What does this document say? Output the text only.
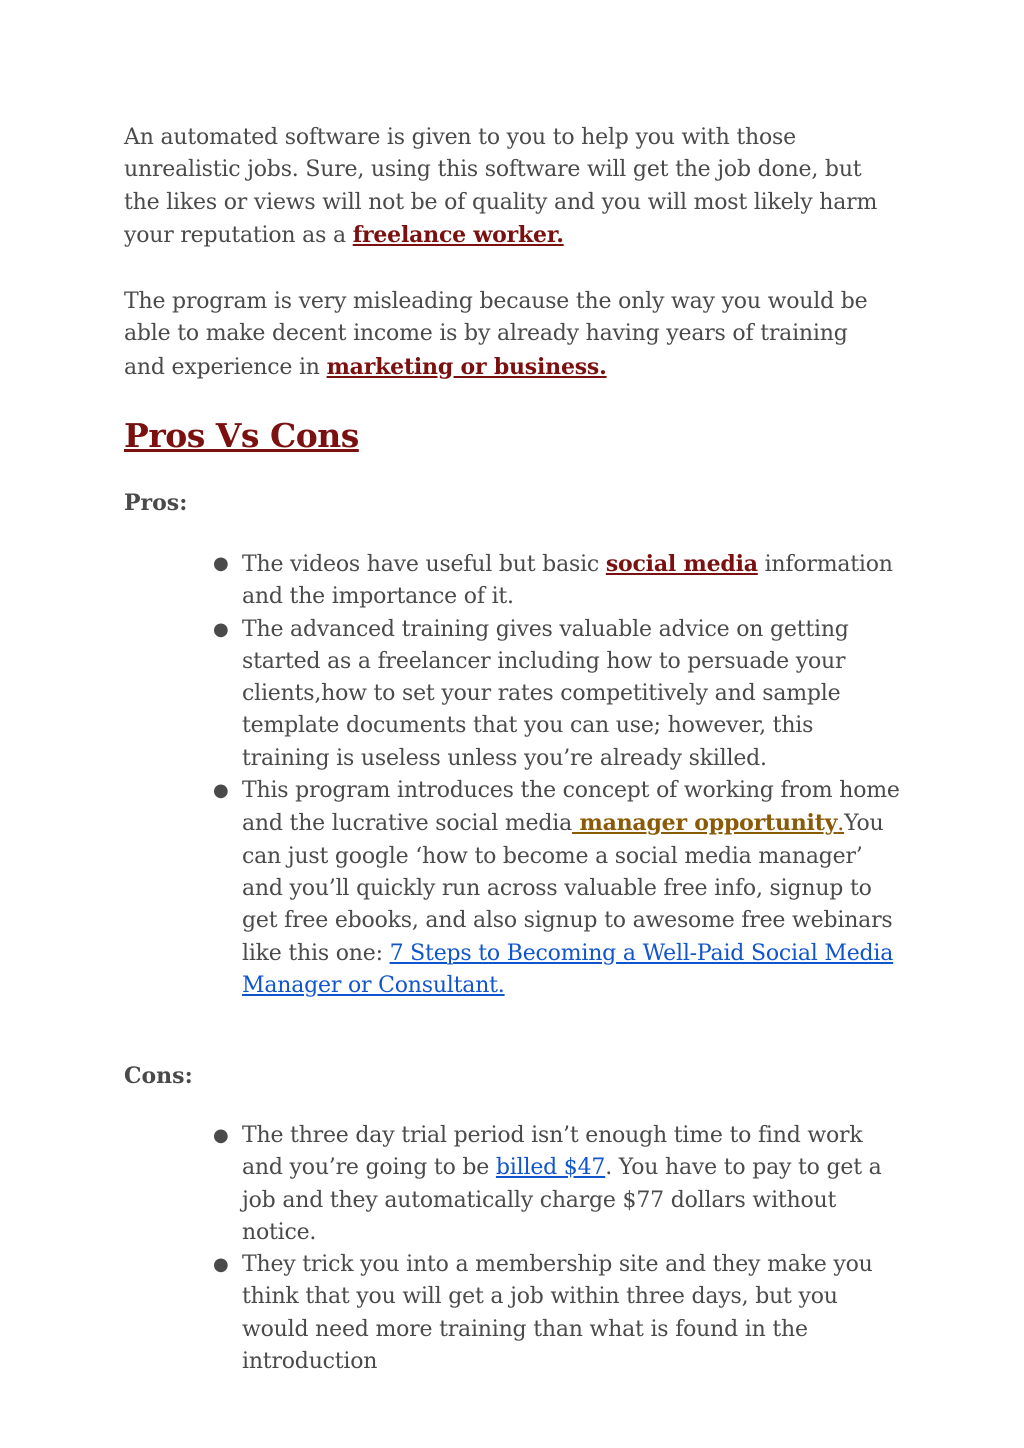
An automated software is given to you to help you with those unrealistic jobs. Sure, using this software will get the job done, but the likes or views will not be of quality and you will most likely harm your reputation as a freelance worker.

The program is very misleading because the only way you would be able to make decent income is by already having years of training and experience in marketing or business.

Pros Vs Cons
Pros:
● The videos have useful but basic social media information and the importance of it.
● The advanced training gives valuable advice on getting started as a freelancer including how to persuade your clients,how to set your rates competitively and sample template documents that you can use; however, this training is useless unless you’re already skilled.
● This program introduces the concept of working from home and the lucrative social media manager opportunity.You can just google ‘how to become a social media manager’ and you’ll quickly run across valuable free info, signup to get free ebooks, and also signup to awesome free webinars like this one: 7 Steps to Becoming a Well-Paid Social Media Manager or Consultant.
Cons:
● The three day trial period isn’t enough time to find work and you’re going to be billed $47. You have to pay to get a job and they automatically charge $77 dollars without notice.
● They trick you into a membership site and they make you think that you will get a job within three days, but you would need more training than what is found in the introduction
